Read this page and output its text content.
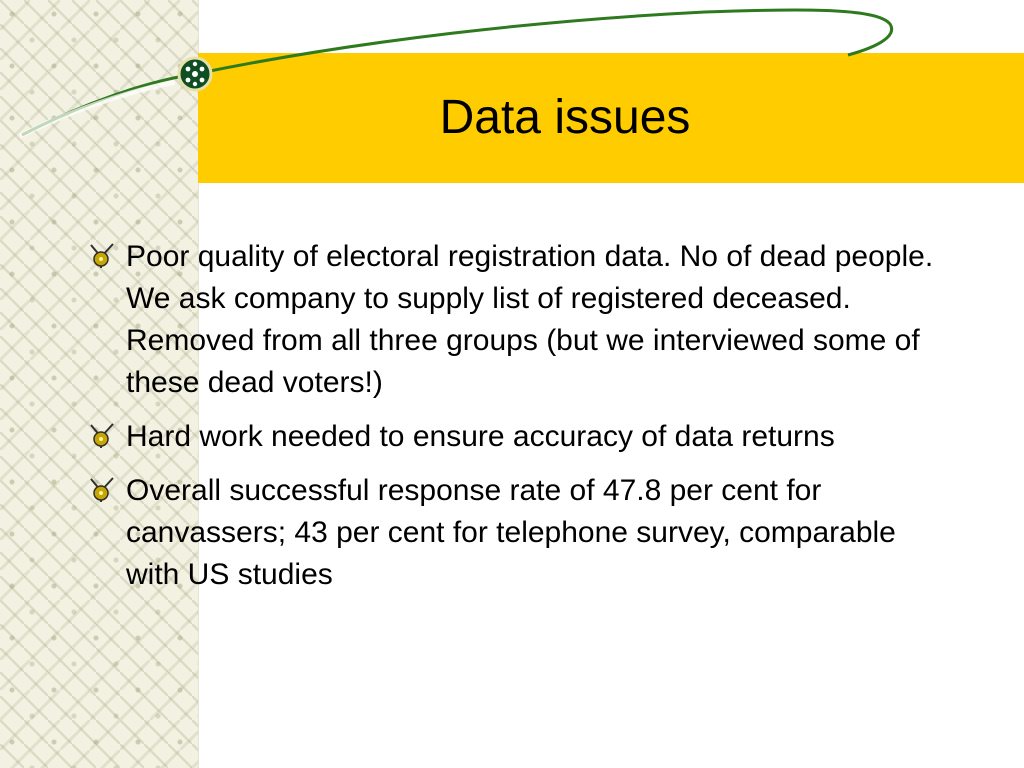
Data issues
Poor quality of electoral registration data. No of dead people. We ask company to supply list of registered deceased. Removed from all three groups (but we interviewed some of these dead voters!)
Hard work needed to ensure accuracy of data returns
Overall successful response rate of 47.8 per cent for canvassers; 43 per cent for telephone survey, comparable with US studies
